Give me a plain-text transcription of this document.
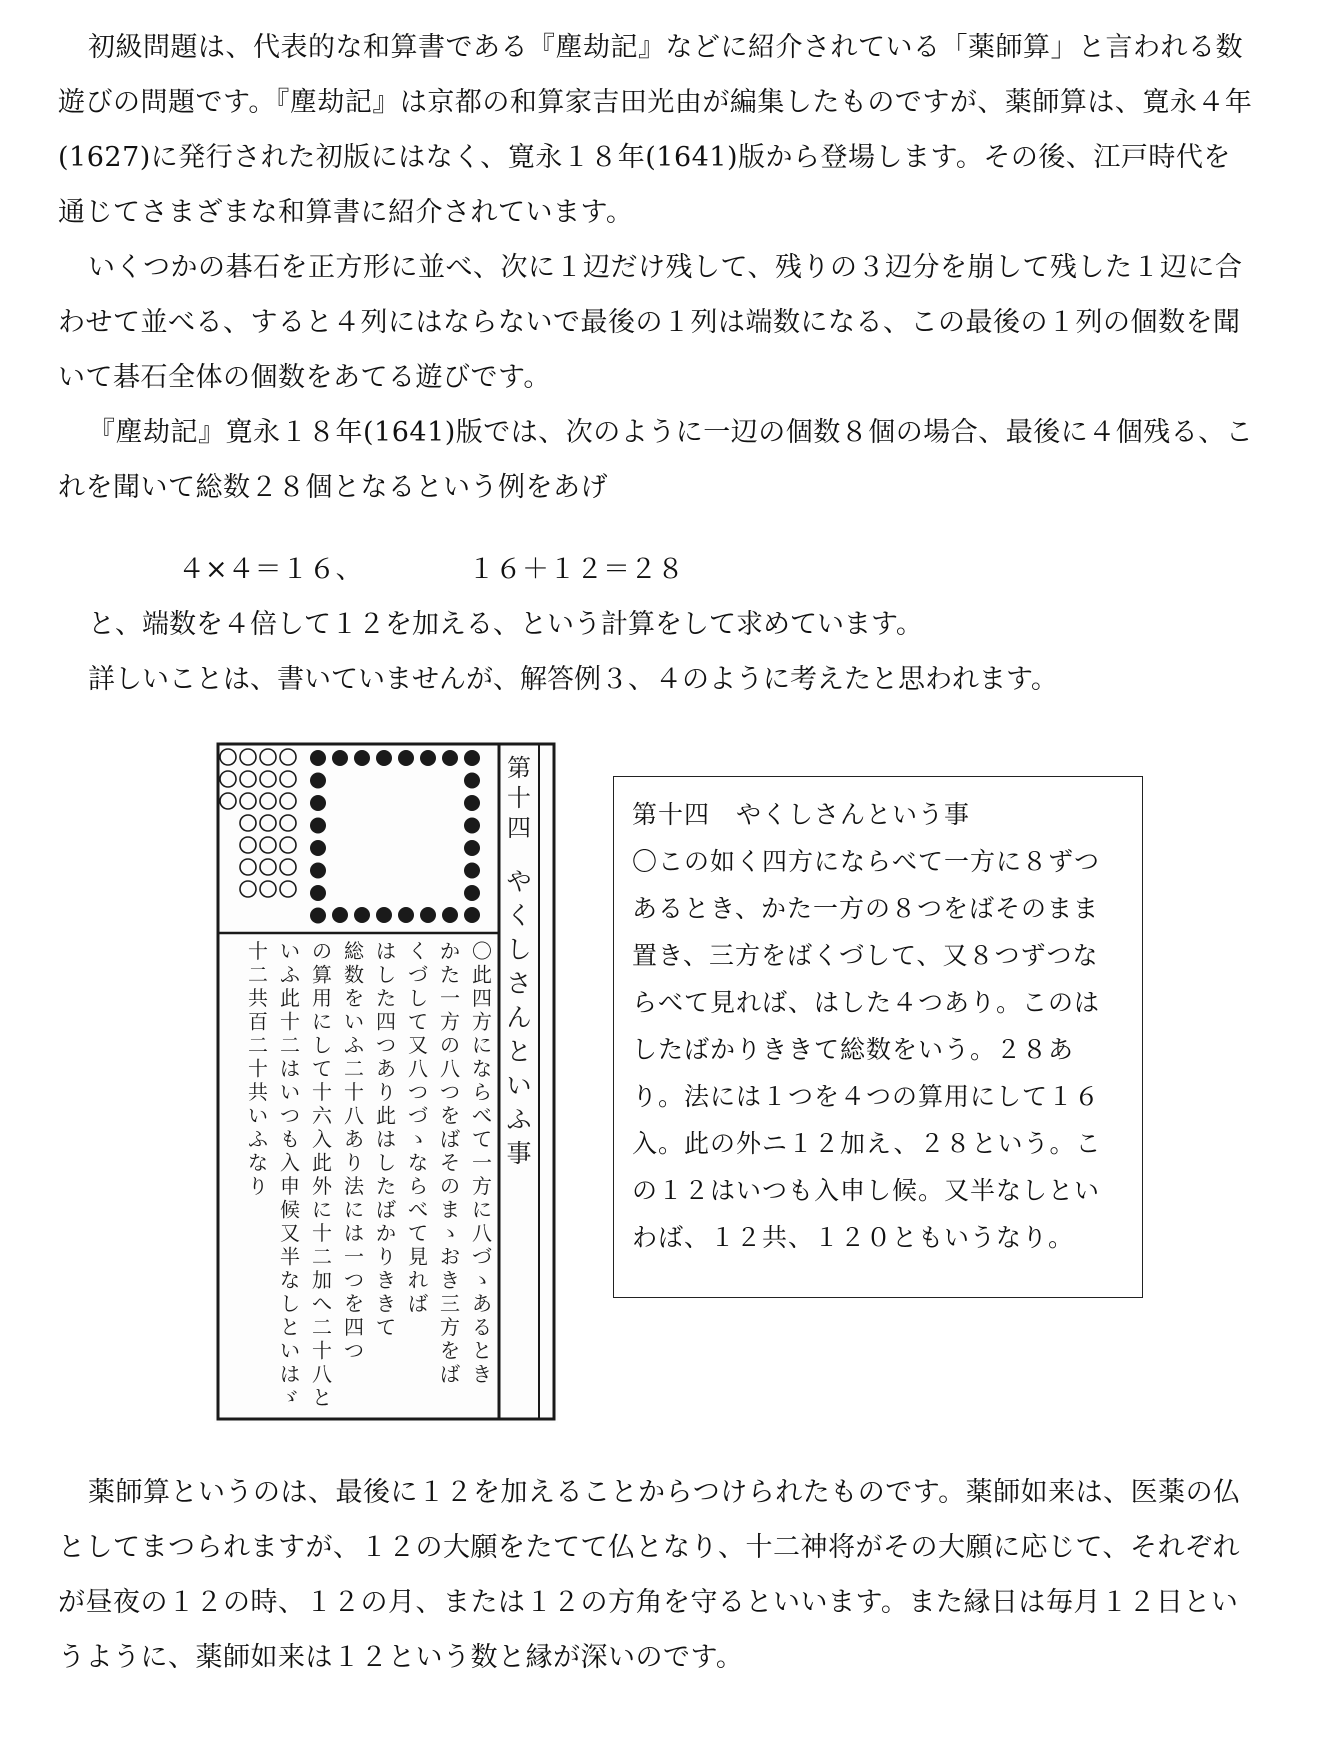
初級問題は、代表的な和算書である『塵劫記』などに紹介されている「薬師算」と言われる数遊びの問題です。『塵劫記』は京都の和算家吉田光由が編集したものですが、薬師算は、寛永４年(1627)に発行された初版にはなく、寛永１８年(1641)版から登場します。その後、江戸時代を通じてさまざまな和算書に紹介されています。

いくつかの碁石を正方形に並べ、次に１辺だけ残して、残りの３辺分を崩して残した１辺に合わせて並べる、すると４列にはならないで最後の１列は端数になる、この最後の１列の個数を聞いて碁石全体の個数をあてる遊びです。

『塵劫記』寛永１８年(1641)版では、次のように一辺の個数８個の場合、最後に４個残る、これを聞いて総数２８個となるという例をあげ

４×４＝１６、	１６＋１２＝２８

と、端数を４倍して１２を加える、という計算をして求めています。

詳しいことは、書いていませんが、解答例３、４のように考えたと思われます。

第十四
やくしさんといふ事
〇此四方にならべて一方に八づゝあるとき
かた一方の八つをばそのまゝおき三方をば
くづして又八つづゝならべて見れば
はした四つあり此はしたばかりききて
総数をいふ二十八あり法には一つを四つ
の算用にして十六入此外に十二加へ二十八と
いふ此十二はいつも入申候又半なしといはゞ
十二共百二十共いふなり

第十四　やくしさんという事

〇この如く四方にならべて一方に８ずつあるとき、かた一方の８つをばそのまま置き、三方をばくづして、又８つずつならべて見れば、はした４つあり。このはしたばかりききて総数をいう。２８あり。法には１つを４つの算用にして１６入。此の外ニ１２加え、２８という。この１２はいつも入申し候。又半なしといわば、１２共、１２０ともいうなり。

薬師算というのは、最後に１２を加えることからつけられたものです。薬師如来は、医薬の仏としてまつられますが、１２の大願をたてて仏となり、十二神将がその大願に応じて、それぞれが昼夜の１２の時、１２の月、または１２の方角を守るといいます。また縁日は毎月１２日というように、薬師如来は１２という数と縁が深いのです。
